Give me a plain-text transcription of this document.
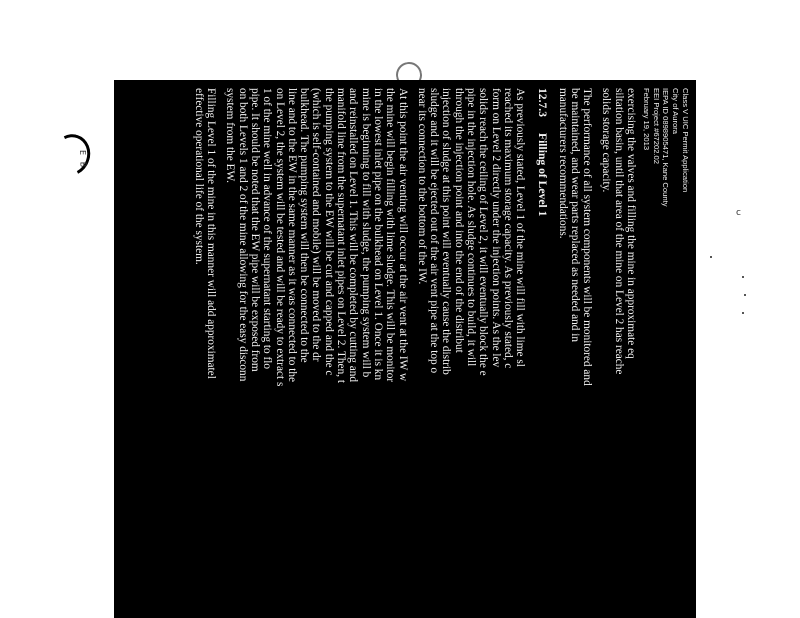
E
B
c
Class V UIC Permit Application
City of Aurora
IEPA ID 0898905471, Kane County
EEI Project #67202.02
February 19, 2013
exercising the valves and filling the mine in approximate eq
siltation basin, until that area of the mine on Level 2 has reache
solids storage capacity.
The performance of all system components will be monitored and
be maintained, and wear parts replaced as needed and in
manufacturers recommendations.
12.7.3Filling of Level 1
As previously stated, Level 1 of the mine will fill with lime sl
reached its maximum storage capacity. As previously stated, c
form on Level 2 directly under the injection points. As the lev
solids reach the ceiling of Level 2, it will eventually block the e
pipe in the injection hole. As sludge continues to build, it will
through the injection point and into the end of the distribut
injection of sludge at this point will eventually cause the distrib
sludge and it will be ejected out of the air vent pipe at the top o
near its connection to the bottom of the IW.
At this point the air venting will occur at the air vent at the IW w
the mine will begin filling with lime sludge. This will be monitor
in the lowest inlet pipe on the bulkhead on Level 1. Once it is kn
mine is beginning to fill with sludge, the pumping system will b
and reinstalled on Level 1. This will be completed by cutting and
manifold line from the supernatant inlet pipes on Level 2. Then, t
the pumping system to the EW will be cut and capped and the c
(which is self-contained and mobile) will be moved to the dr
bulkhead. The pumping system will then be connected to the
line and to the EW in the same manner as it was connected to the
on Level 2, the system will be tested and will be ready to extract s
1 of the mine well in advance of the supernatant starting to flo
pipe. It should be noted that the EW pipe will be exposed from
on both Levels 1 and 2 of the mine allowing for the easy disconn
system from the EW.
Filling Level 1 of the mine in this manner will add approximatel
effective operational life of the system.
